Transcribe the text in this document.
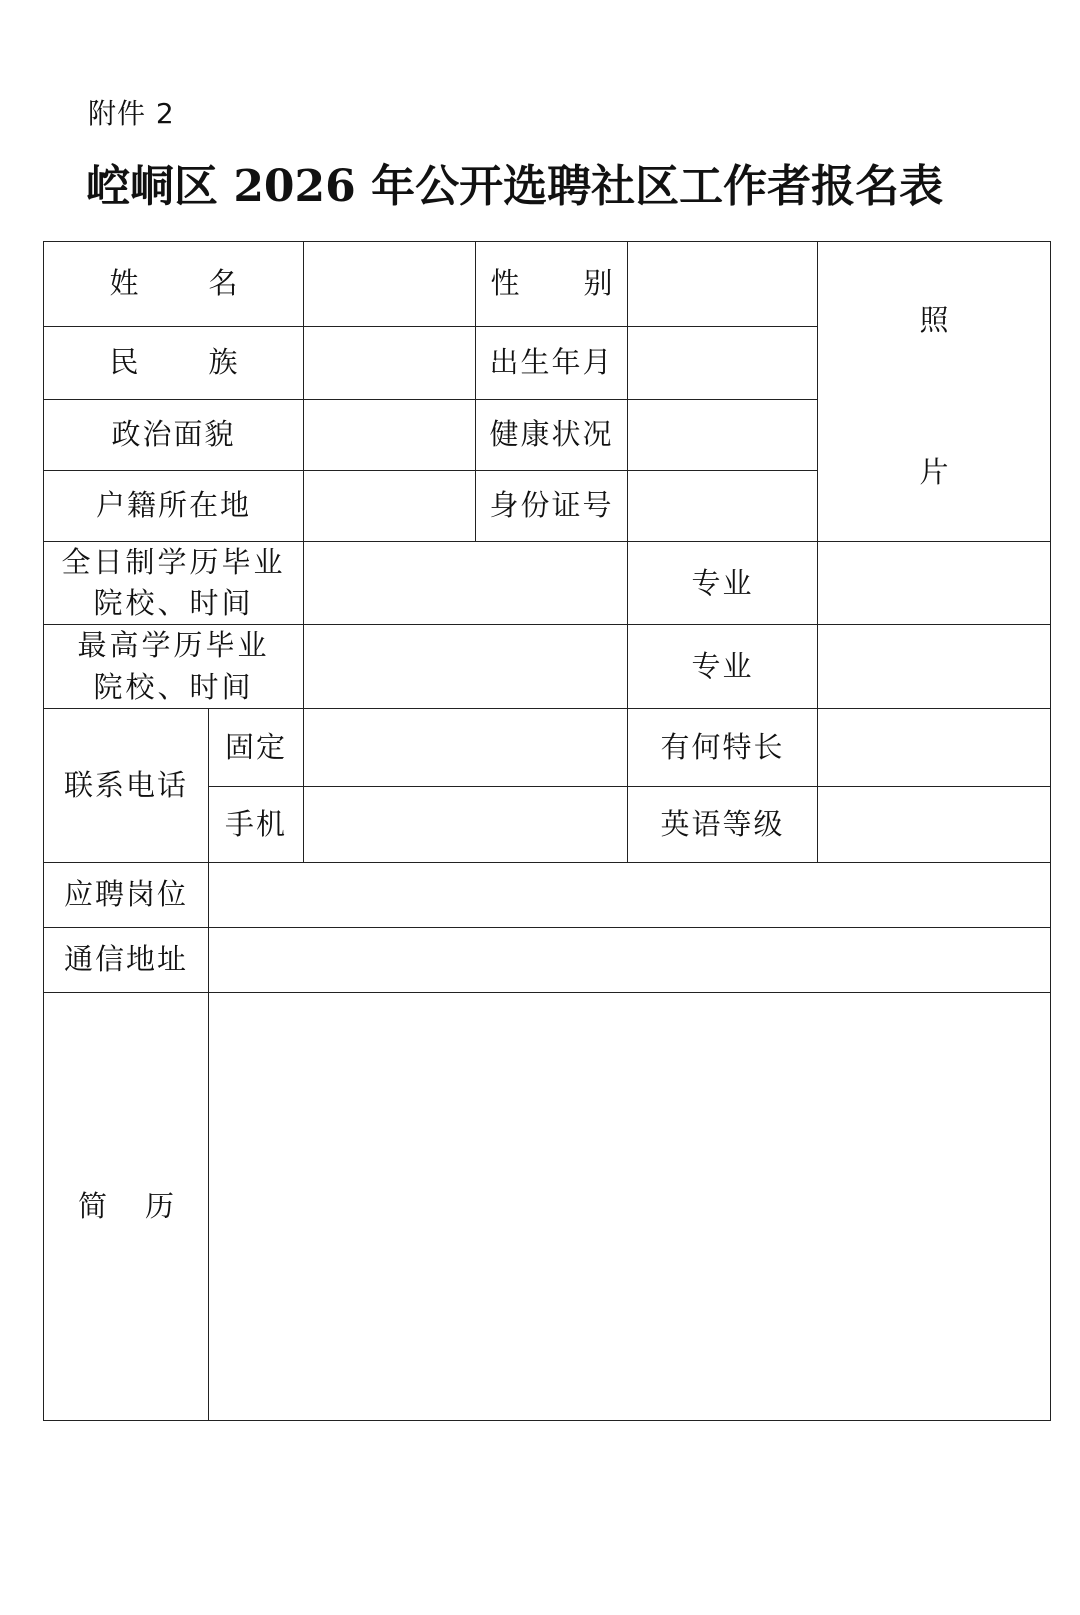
附件 2
崆峒区 2026 年公开选聘社区工作者报名表
姓 名			性 别		照
片

民 族			出生年月		
政治面貌			健康状况		
户籍所在地			身份证号		

全日制学历毕业
院校、时间				专业	

最高学历毕业
院校、时间				专业	
联系电话	固定			有何特长	
	手机			英语等级	
应聘岗位					
通信地址					
简 历					
